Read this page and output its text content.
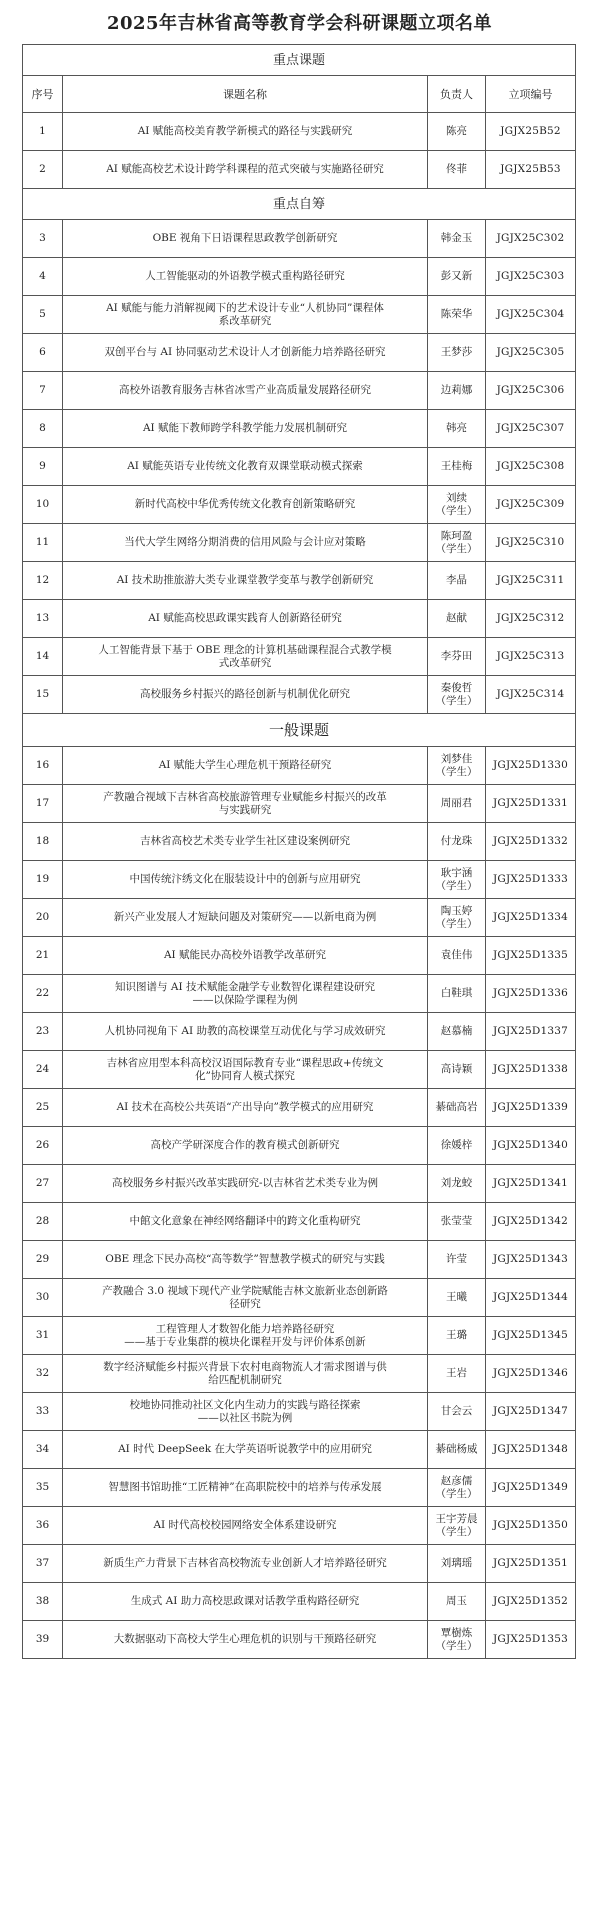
2025年吉林省高等教育学会科研课题立项名单
重点课题			
序号	课题名称	负责人	立项编号
1	AI 赋能高校美育教学新模式的路径与实践研究	陈亮	JGJX25B52
2	AI 赋能高校艺术设计跨学科课程的范式突破与实施路径研究	佟菲	JGJX25B53
重点自筹			
3	OBE 视角下日语课程思政教学创新研究	韩金玉	JGJX25C302
4	人工智能驱动的外语教学模式重构路径研究	彭又新	JGJX25C303
5	AI 赋能与能力消解视阈下的艺术设计专业“人机协同”课程体
系改革研究	陈荣华	JGJX25C304
6	双创平台与 AI 协同驱动艺术设计人才创新能力培养路径研究	王梦莎	JGJX25C305
7	高校外语教育服务吉林省冰雪产业高质量发展路径研究	边莉娜	JGJX25C306
8	AI 赋能下教师跨学科教学能力发展机制研究	韩亮	JGJX25C307
9	AI 赋能英语专业传统文化教育双课堂联动模式探索	王桂梅	JGJX25C308
10	新时代高校中华优秀传统文化教育创新策略研究	刘续
（学生）	JGJX25C309
11	当代大学生网络分期消费的信用风险与会计应对策略	陈珂盈
（学生）	JGJX25C310
12	AI 技术助推旅游大类专业课堂教学变革与教学创新研究	李晶	JGJX25C311
13	AI 赋能高校思政课实践育人创新路径研究	赵献	JGJX25C312
14	人工智能背景下基于 OBE 理念的计算机基础课程混合式教学模
式改革研究	李芬田	JGJX25C313
15	高校服务乡村振兴的路径创新与机制优化研究	秦俊哲
（学生）	JGJX25C314
一般课题			
16	AI 赋能大学生心理危机干预路径研究	刘梦佳
（学生）	JGJX25D1330
17	产教融合视域下吉林省高校旅游管理专业赋能乡村振兴的改革
与实践研究	周丽君	JGJX25D1331
18	吉林省高校艺术类专业学生社区建设案例研究	付龙珠	JGJX25D1332
19	中国传统汴绣文化在服装设计中的创新与应用研究	耿宇涵
（学生）	JGJX25D1333
20	新兴产业发展人才短缺问题及对策研究——以新电商为例	陶玉婷
（学生）	JGJX25D1334
21	AI 赋能民办高校外语教学改革研究	袁佳伟	JGJX25D1335
22	知识图谱与 AI 技术赋能金融学专业数智化课程建设研究
——以保险学课程为例	白鞋琪	JGJX25D1336
23	人机协同视角下 AI 助教的高校课堂互动优化与学习成效研究	赵慕楠	JGJX25D1337
24	吉林省应用型本科高校汉语国际教育专业“课程思政+传统文
化”协同育人模式探究	高诗颖	JGJX25D1338
25	AI 技术在高校公共英语“产出导向”教学模式的应用研究	綦础高岩	JGJX25D1339
26	高校产学研深度合作的教育模式创新研究	徐媛梓	JGJX25D1340
27	高校服务乡村振兴改革实践研究-以吉林省艺术类专业为例	刘龙蛟	JGJX25D1341
28	中館文化意象在神经网络翻译中的跨文化重构研究	张莹莹	JGJX25D1342
29	OBE 理念下民办高校“高等数学”智慧教学模式的研究与实践	许莹	JGJX25D1343
30	产教融合 3.0 视域下现代产业学院赋能吉林文旅新业态创新路
径研究	王曦	JGJX25D1344
31	工程管理人才数智化能力培养路径研究
——基于专业集群的模块化课程开发与评价体系创新	王璐	JGJX25D1345
32	数字经济赋能乡村振兴背景下农村电商物流人才需求图谱与供
给匹配机制研究	王岩	JGJX25D1346
33	校地协同推动社区文化内生动力的实践与路径探索
——以社区书院为例	甘会云	JGJX25D1347
34	AI 时代 DeepSeek 在大学英语听说教学中的应用研究	綦础杨威	JGJX25D1348
35	智慧图书馆助推“工匠精神”在高职院校中的培养与传承发展	赵彦儒
（学生）	JGJX25D1349
36	AI 时代高校校园网络安全体系建设研究	王宇芳晨
（学生）	JGJX25D1350
37	新质生产力背景下吉林省高校物流专业创新人才培养路径研究	刘璃瑶	JGJX25D1351
38	生成式 AI 助力高校思政课对话教学重构路径研究	周玉	JGJX25D1352
39	大数据驱动下高校大学生心理危机的识别与干预路径研究	覃樹炼
（学生）	JGJX25D1353
